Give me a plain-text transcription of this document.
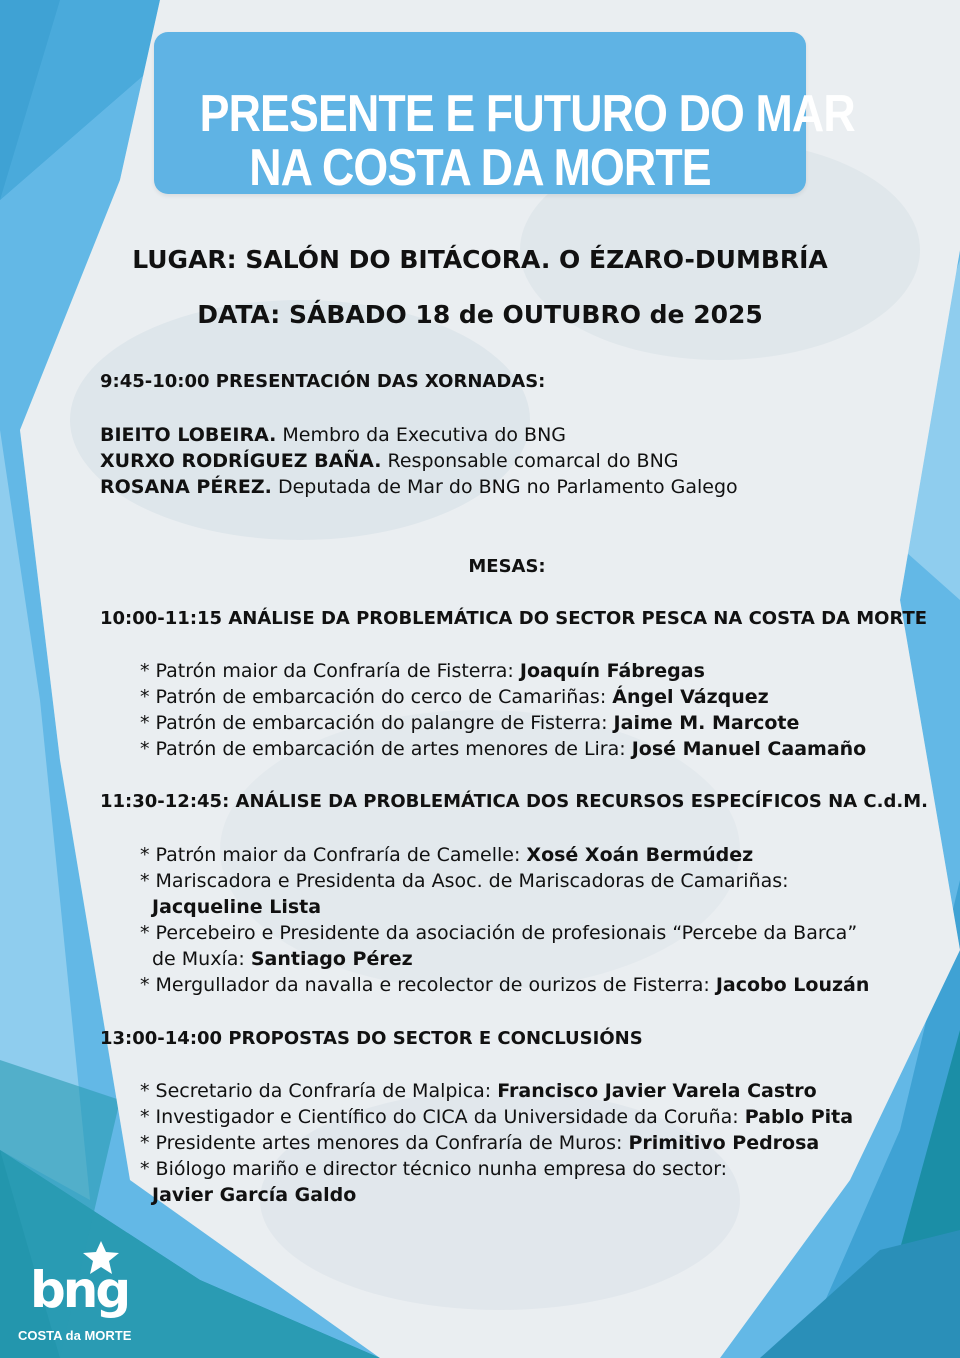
PRESENTE E FUTURO DO MAR
NA COSTA DA MORTE
LUGAR: SALÓN DO BITÁCORA. O ÉZARO-DUMBRÍA
DATA: SÁBADO 18 de OUTUBRO de 2025
9:45-10:00 PRESENTACIÓN DAS XORNADAS:
BIEITO LOBEIRA. Membro da Executiva do BNG
XURXO RODRÍGUEZ BAÑA. Responsable comarcal do BNG
ROSANA PÉREZ. Deputada de Mar do BNG no Parlamento Galego
MESAS:
10:00-11:15 ANÁLISE DA PROBLEMÁTICA DO SECTOR PESCA NA COSTA DA MORTE
* Patrón maior da Confraría de Fisterra: Joaquín Fábregas
* Patrón de embarcación do cerco de Camariñas: Ángel Vázquez
* Patrón de embarcación do palangre de Fisterra: Jaime M. Marcote
* Patrón de embarcación de artes menores de Lira: José Manuel Caamaño
11:30-12:45: ANÁLISE DA PROBLEMÁTICA DOS RECURSOS ESPECÍFICOS NA C.d.M.
* Patrón maior da Confraría de Camelle: Xosé Xoán Bermúdez
* Mariscadora e Presidenta da Asoc. de Mariscadoras de Camariñas:
Jacqueline Lista
* Percebeiro e Presidente da asociación de profesionais “Percebe da Barca”
de Muxía: Santiago Pérez
* Mergullador da navalla e recolector de ourizos de Fisterra: Jacobo Louzán
13:00-14:00 PROPOSTAS DO SECTOR E CONCLUSIÓNS
* Secretario da Confraría de Malpica: Francisco Javier Varela Castro
* Investigador e Científico do CICA da Universidade da Coruña: Pablo Pita
* Presidente artes menores da Confraría de Muros: Primitivo Pedrosa
* Biólogo mariño e director técnico nunha empresa do sector:
Javier García Galdo
bng
COSTA da MORTE
